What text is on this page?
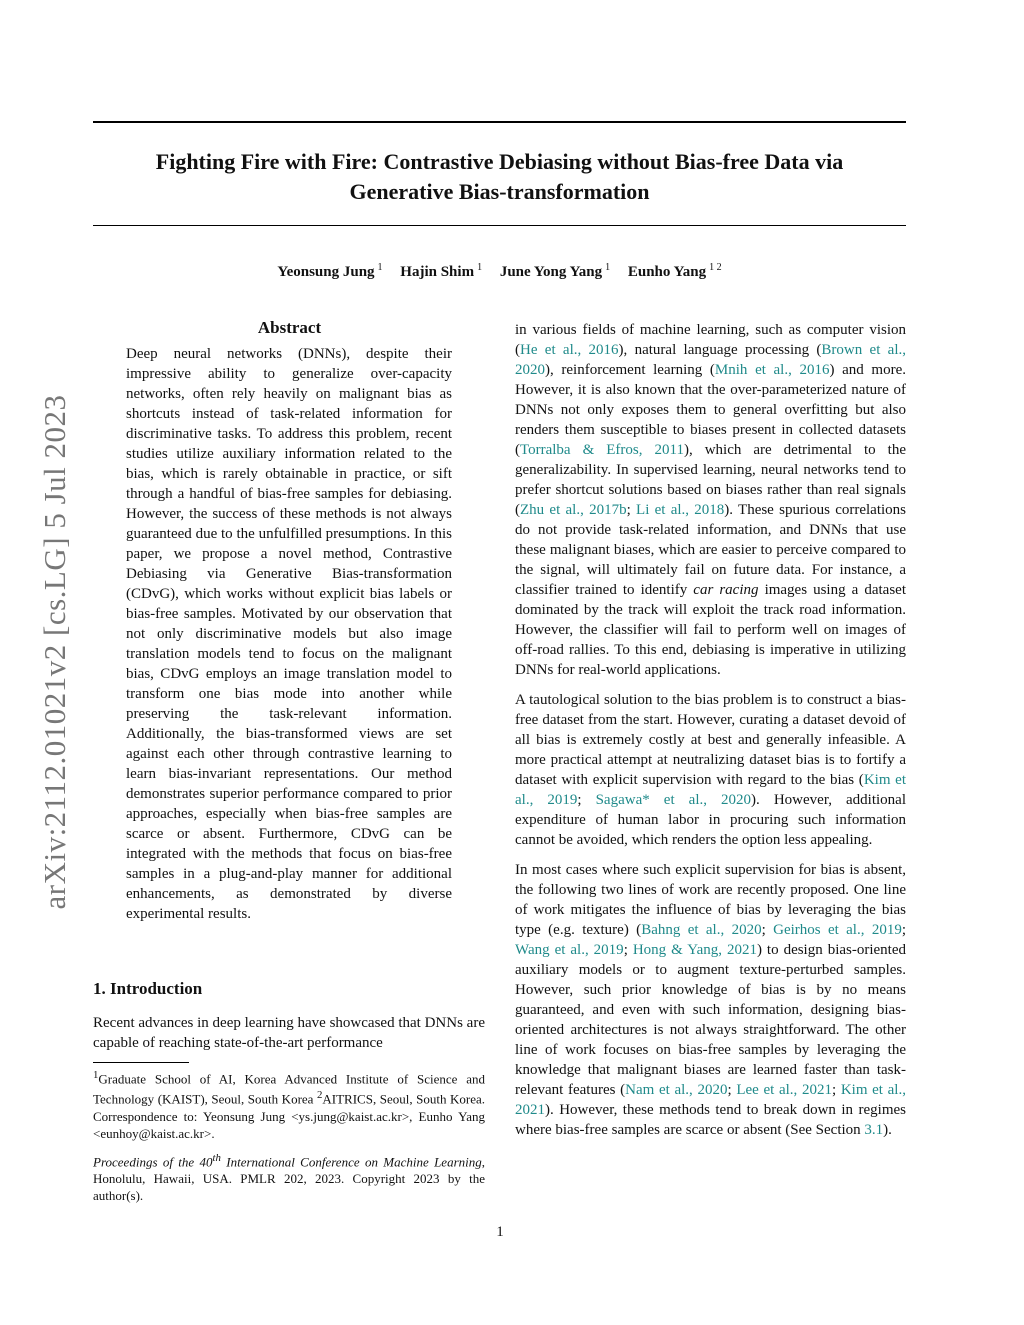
Fighting Fire with Fire: Contrastive Debiasing without Bias-free Data via
Generative Bias-transformation
Yeonsung Jung $^1$ Hajin Shim $^1$ June Yong Yang $^1$ Eunho Yang $^{1 2}$
arXiv:2112.01021v2 [cs.LG] 5 Jul 2023
Abstract

Deep neural networks (DNNs), despite their impressive ability to generalize over-capacity networks, often rely heavily on malignant bias as shortcuts instead of task-related information for discriminative tasks. To address this problem, recent studies utilize auxiliary information related to the bias, which is rarely obtainable in practice, or sift through a handful of bias-free samples for debiasing. However, the success of these methods is not always guaranteed due to the unfulfilled presumptions. In this paper, we propose a novel method, Contrastive Debiasing via Generative Bias-transformation (CDvG), which works without explicit bias labels or bias-free samples. Motivated by our observation that not only discriminative models but also image translation models tend to focus on the malignant bias, CDvG employs an image translation model to transform one bias mode into another while preserving the task-relevant information. Additionally, the bias-transformed views are set against each other through contrastive learning to learn bias-invariant representations. Our method demonstrates superior performance compared to prior approaches, especially when bias-free samples are scarce or absent. Furthermore, CDvG can be integrated with the methods that focus on bias-free samples in a plug-and-play manner for additional enhancements, as demonstrated by diverse experimental results.

1. Introduction

Recent advances in deep learning have showcased that DNNs are capable of reaching state-of-the-art performance

$^1$Graduate School of AI, Korea Advanced Institute of Science and Technology (KAIST), Seoul, South Korea $^2$AITRICS, Seoul, South Korea. Correspondence to: Yeonsung Jung <ys.jung@kaist.ac.kr>, Eunho Yang <eunhoy@kaist.ac.kr>.
Proceedings of the 40th International Conference on Machine Learning, Honolulu, Hawaii, USA. PMLR 202, 2023. Copyright 2023 by the author(s).

in various fields of machine learning, such as computer vision (He et al., 2016), natural language processing (Brown et al., 2020), reinforcement learning (Mnih et al., 2016) and more. However, it is also known that the over-parameterized nature of DNNs not only exposes them to general overfitting but also renders them susceptible to biases present in collected datasets (Torralba & Efros, 2011), which are detrimental to the generalizability. In supervised learning, neural networks tend to prefer shortcut solutions based on biases rather than real signals (Zhu et al., 2017b; Li et al., 2018). These spurious correlations do not provide task-related information, and DNNs that use these malignant biases, which are easier to perceive compared to the signal, will ultimately fail on future data. For instance, a classifier trained to identify car racing images using a dataset dominated by the track will exploit the track road information. However, the classifier will fail to perform well on images of off-road rallies. To this end, debiasing is imperative in utilizing DNNs for real-world applications.

A tautological solution to the bias problem is to construct a bias-free dataset from the start. However, curating a dataset devoid of all bias is extremely costly at best and generally infeasible. A more practical attempt at neutralizing dataset bias is to fortify a dataset with explicit supervision with regard to the bias (Kim et al., 2019; Sagawa* et al., 2020). However, additional expenditure of human labor in procuring such information cannot be avoided, which renders the option less appealing.

In most cases where such explicit supervision for bias is absent, the following two lines of work are recently proposed. One line of work mitigates the influence of bias by leveraging the bias type (e.g. texture) (Bahng et al., 2020; Geirhos et al., 2019; Wang et al., 2019; Hong & Yang, 2021) to design bias-oriented auxiliary models or to augment texture-perturbed samples. However, such prior knowledge of bias is by no means guaranteed, and even with such information, designing bias-oriented architectures is not always straightforward. The other line of work focuses on bias-free samples by leveraging the knowledge that malignant biases are learned faster than task-relevant features (Nam et al., 2020; Lee et al., 2021; Kim et al., 2021). However, these methods tend to break down in regimes where bias-free samples are scarce or absent (See Section 3.1).

1
